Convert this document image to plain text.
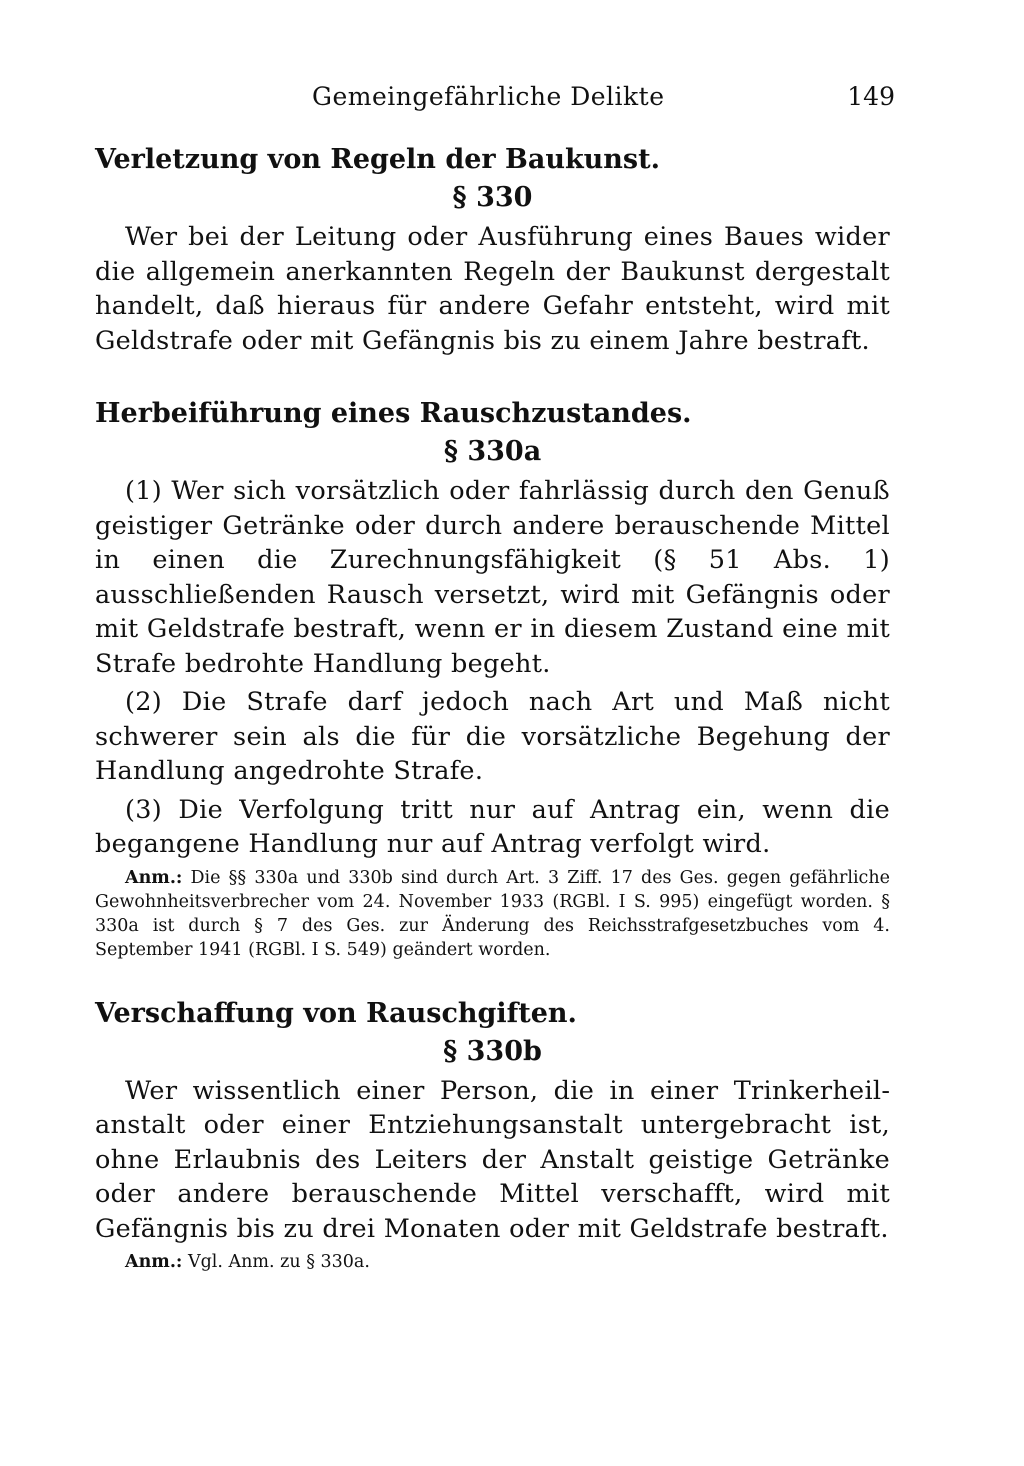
Gemeingefährliche Delikte	149

Verletzung von Regeln der Baukunst.

§ 330

Wer bei der Leitung oder Ausführung eines Baues wider die allgemein anerkannten Regeln der Baukunst dergestalt handelt, daß hieraus für andere Gefahr entsteht, wird mit Geldstrafe oder mit Gefängnis bis zu einem Jahre bestraft.

Herbeiführung eines Rauschzustandes.

§ 330a

(1) Wer sich vorsätzlich oder fahrlässig durch den Genuß geistiger Getränke oder durch andere berauschende Mittel in einen die Zurechnungsfähigkeit (§ 51 Abs. 1) ausschließenden Rausch versetzt, wird mit Gefängnis oder mit Geldstrafe bestraft, wenn er in diesem Zustand eine mit Strafe bedrohte Handlung begeht.

(2) Die Strafe darf jedoch nach Art und Maß nicht schwerer sein als die für die vorsätzliche Begehung der Handlung angedrohte Strafe.

(3) Die Verfolgung tritt nur auf Antrag ein, wenn die begangene Handlung nur auf Antrag verfolgt wird.

Anm.: Die §§ 330a und 330b sind durch Art. 3 Ziff. 17 des Ges. gegen gefährliche Gewohnheitsverbrecher vom 24. November 1933 (RGBl. I S. 995) eingefügt worden. § 330a ist durch § 7 des Ges. zur Änderung des Reichsstrafgesetzbuches vom 4. September 1941 (RGBl. I S. 549) geändert worden.

Verschaffung von Rauschgiften.

§ 330b

Wer wissentlich einer Person, die in einer Trinkerheilanstalt oder einer Entziehungsanstalt untergebracht ist, ohne Erlaubnis des Leiters der Anstalt geistige Getränke oder andere berauschende Mittel verschafft, wird mit Gefängnis bis zu drei Monaten oder mit Geldstrafe bestraft.

Anm.: Vgl. Anm. zu § 330a.
